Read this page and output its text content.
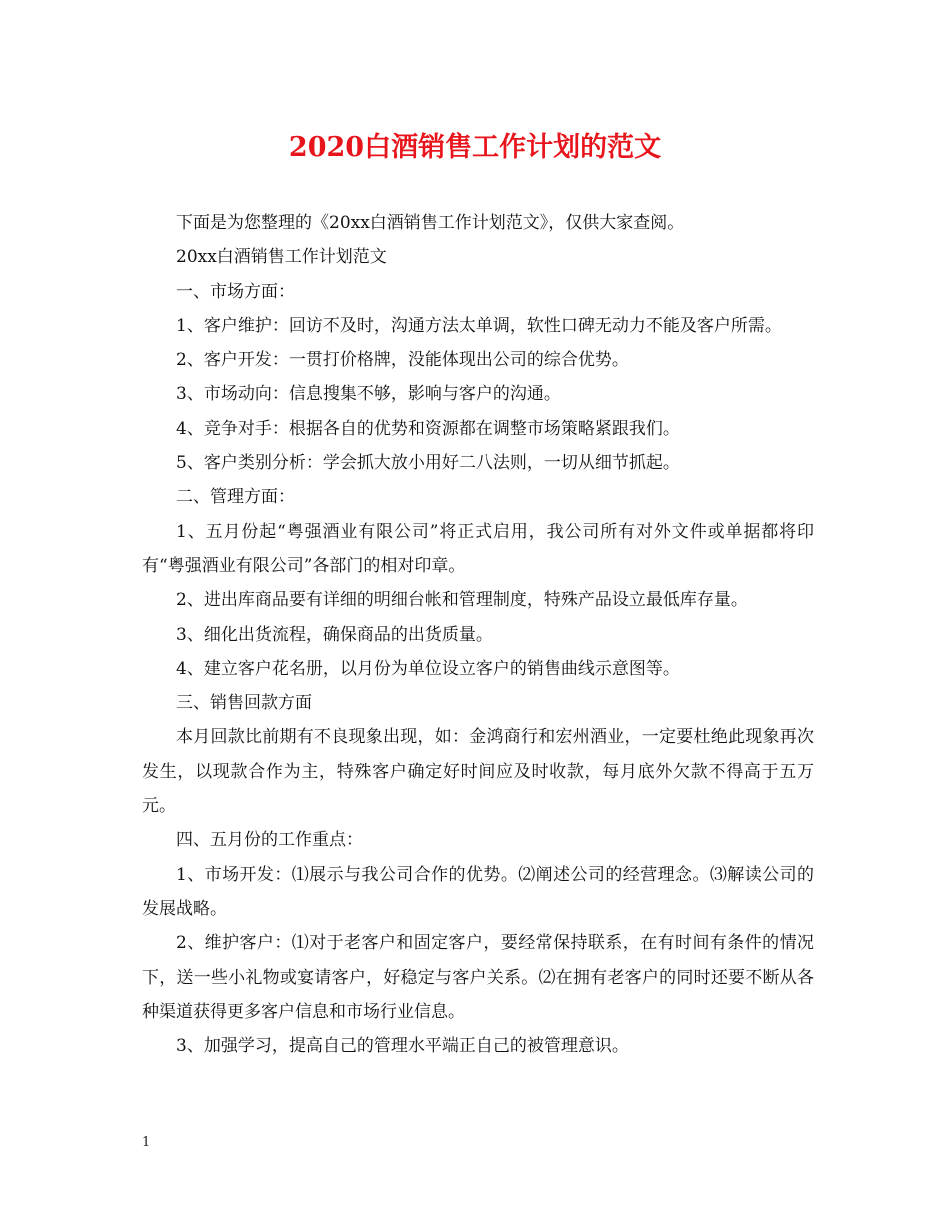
2020白酒销售工作计划的范文

下面是为您整理的《20xx白酒销售工作计划范文》，仅供大家查阅。

20xx白酒销售工作计划范文

一、市场方面：

1、客户维护：回访不及时，沟通方法太单调，软性口碑无动力不能及客户所需。

2、客户开发：一贯打价格牌，没能体现出公司的综合优势。

3、市场动向：信息搜集不够，影响与客户的沟通。

4、竞争对手：根据各自的优势和资源都在调整市场策略紧跟我们。

5、客户类别分析：学会抓大放小用好二八法则，一切从细节抓起。

二、管理方面：

1、五月份起“粤强酒业有限公司”将正式启用，我公司所有对外文件或单据都将印有“粤强酒业有限公司”各部门的相对印章。

2、进出库商品要有详细的明细台帐和管理制度，特殊产品设立最低库存量。

3、细化出货流程，确保商品的出货质量。

4、建立客户花名册，以月份为单位设立客户的销售曲线示意图等。

三、销售回款方面

本月回款比前期有不良现象出现，如：金鸿商行和宏州酒业，一定要杜绝此现象再次发生，以现款合作为主，特殊客户确定好时间应及时收款，每月底外欠款不得高于五万元。

四、五月份的工作重点：

1、市场开发：⑴展示与我公司合作的优势。⑵阐述公司的经营理念。⑶解读公司的发展战略。

2、维护客户：⑴对于老客户和固定客户，要经常保持联系，在有时间有条件的情况下，送一些小礼物或宴请客户，好稳定与客户关系。⑵在拥有老客户的同时还要不断从各种渠道获得更多客户信息和市场行业信息。

3、加强学习，提高自己的管理水平端正自己的被管理意识。

1
